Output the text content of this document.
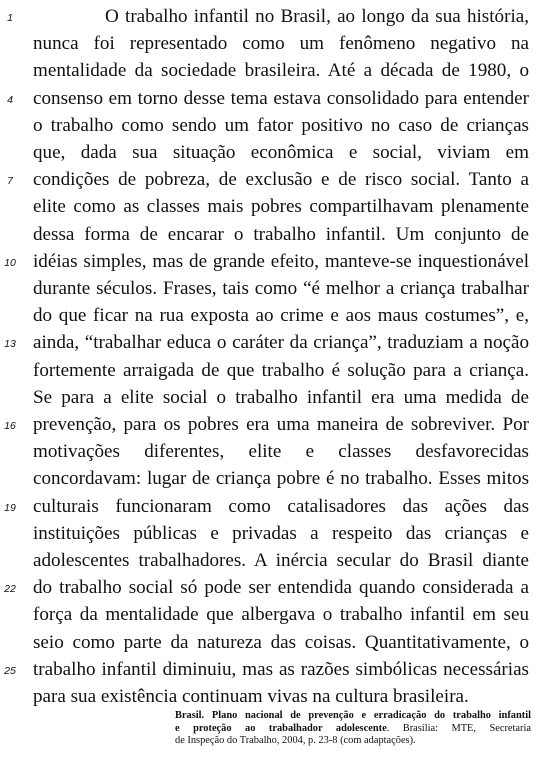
1	O trabalho infantil no Brasil, ao longo da sua história,
nunca foi representado como um fenômeno negativo na
mentalidade da sociedade brasileira. Até a década de 1980, o
4	consenso em torno desse tema estava consolidado para entender
o trabalho como sendo um fator positivo no caso de crianças
que, dada sua situação econômica e social, viviam em
7	condições de pobreza, de exclusão e de risco social. Tanto a
elite como as classes mais pobres compartilhavam plenamente
dessa forma de encarar o trabalho infantil. Um conjunto de
10 idéias simples, mas de grande efeito, manteve-se inquestionável
durante séculos. Frases, tais como “é melhor a criança trabalhar
do que ficar na rua exposta ao crime e aos maus costumes”, e,
13 ainda, “trabalhar educa o caráter da criança”, traduziam a noção
fortemente arraigada de que trabalho é solução para a criança.
Se para a elite social o trabalho infantil era uma medida de
16 prevenção, para os pobres era uma maneira de sobreviver. Por
motivações diferentes, elite e classes desfavorecidas
concordavam: lugar de criança pobre é no trabalho. Esses mitos
19 culturais funcionaram como catalisadores das ações das
instituições públicas e privadas a respeito das crianças e
adolescentes trabalhadores. A inércia secular do Brasil diante
22 do trabalho social só pode ser entendida quando considerada a
força da mentalidade que albergava o trabalho infantil em seu
seio como parte da natureza das coisas. Quantitativamente, o
25 trabalho infantil diminuiu, mas as razões simbólicas necessárias
para sua existência continuam vivas na cultura brasileira.
Brasil. Plano nacional de prevenção e erradicação do trabalho infantil
e proteção ao trabalhador adolescente. Brasília: MTE, Secretaria
de Inspeção do Trabalho, 2004, p. 23-8 (com adaptações).
